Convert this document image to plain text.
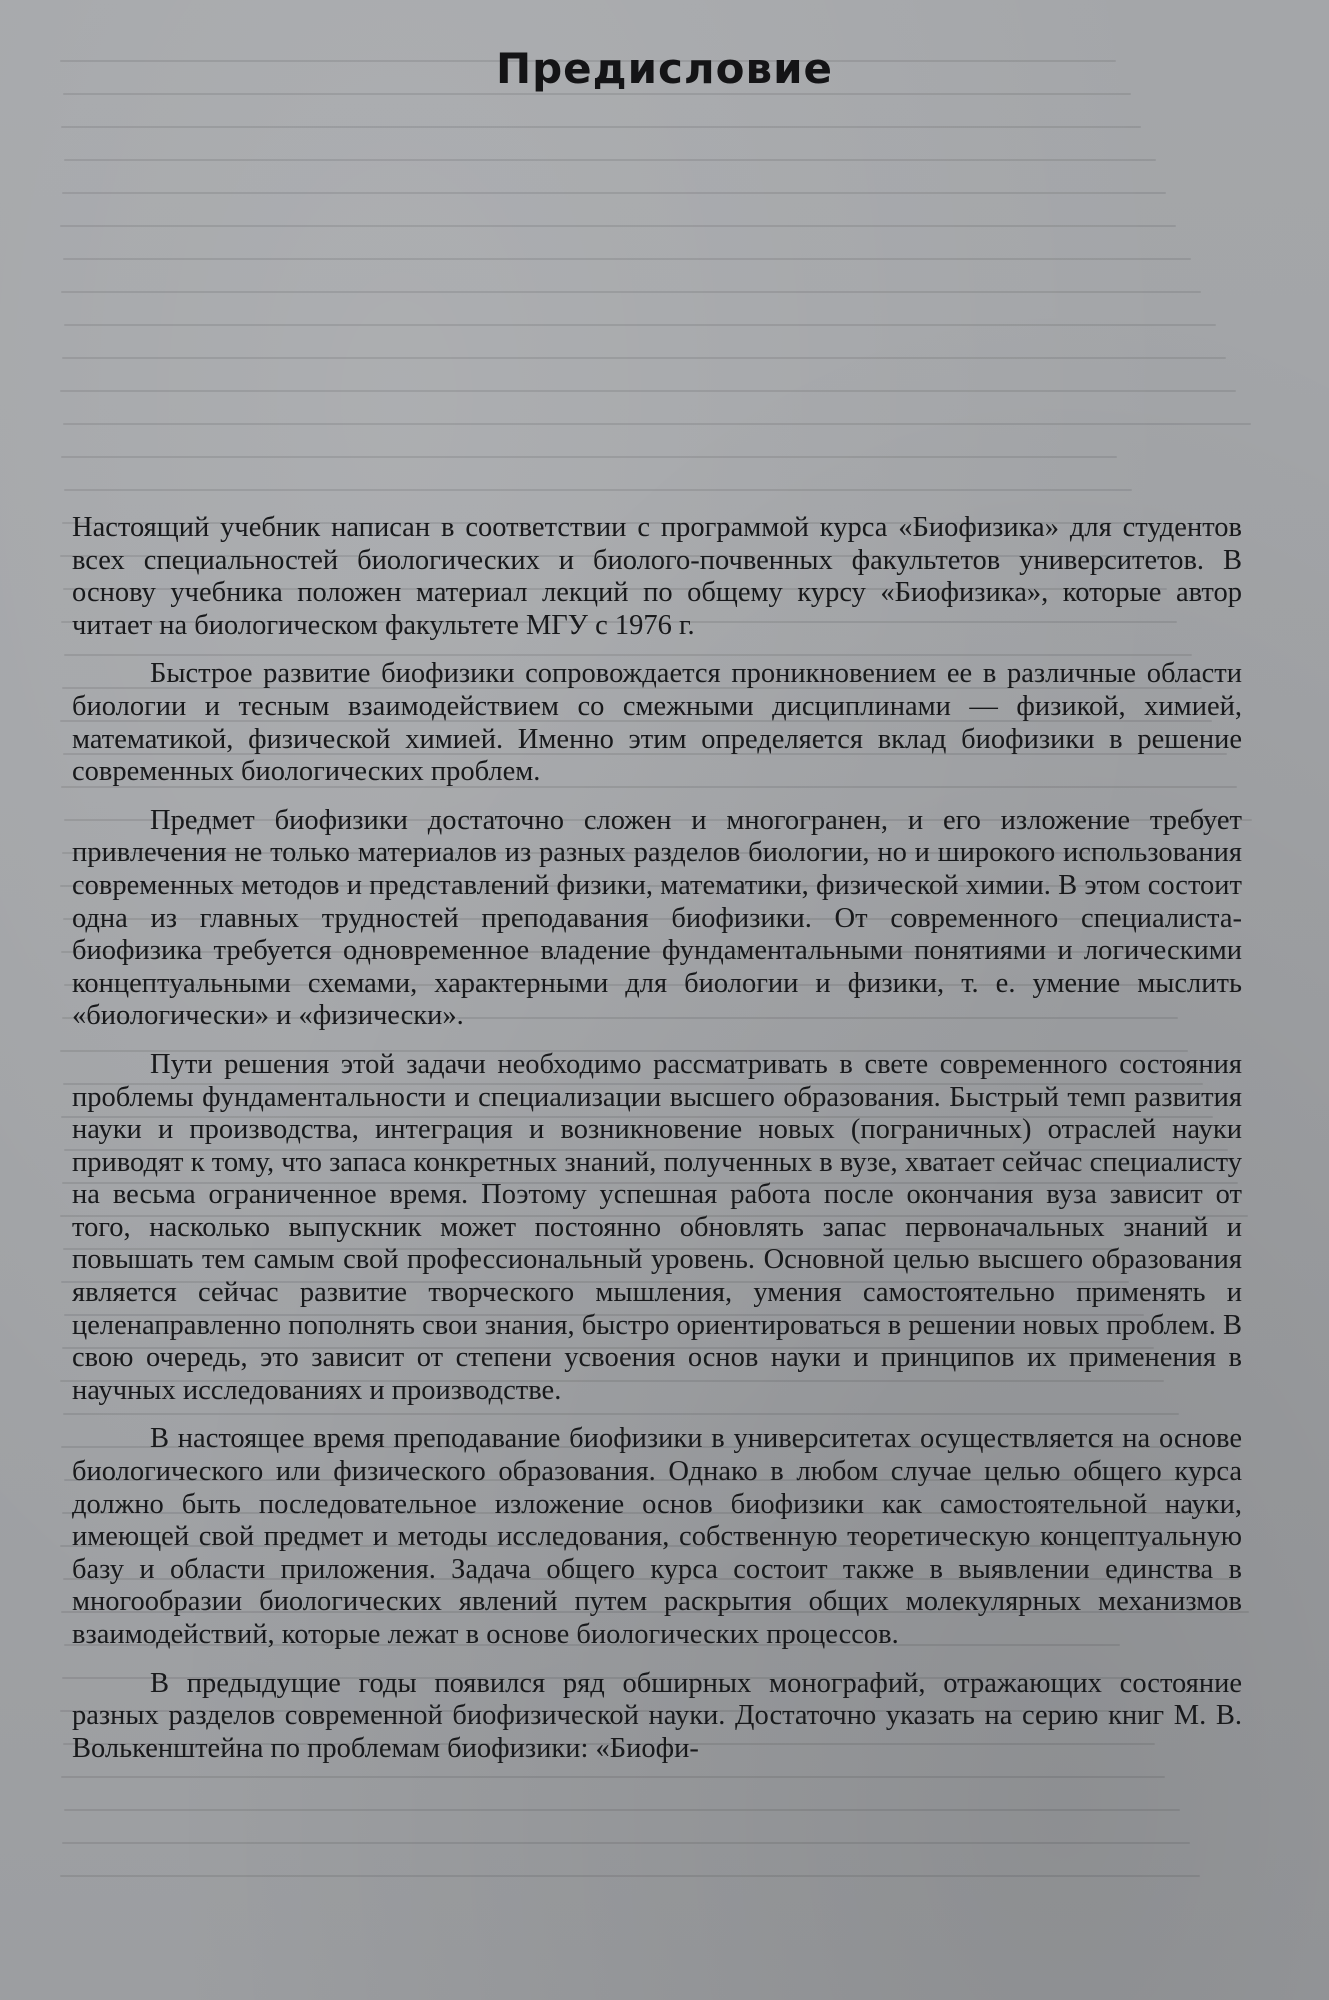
Предисловие

Настоящий учебник написан в соответствии с программой курса «Биофизика» для студентов всех специальностей биологических и биолого-почвенных факультетов университетов. В основу учебника положен материал лекций по общему курсу «Биофизика», которые автор читает на биологическом факультете МГУ с 1976 г.

Быстрое развитие биофизики сопровождается проникновением ее в различные области биологии и тесным взаимодействием со смежными дисциплинами — физикой, химией, математикой, физической химией. Именно этим определяется вклад биофизики в решение современных биологических проблем.

Предмет биофизики достаточно сложен и многогранен, и его изложение требует привлечения не только материалов из разных разделов биологии, но и широкого использования современных методов и представлений физики, математики, физической химии. В этом состоит одна из главных трудностей преподавания биофизики. От современного специалиста-биофизика требуется одновременное владение фундаментальными понятиями и логическими концептуальными схемами, характерными для биологии и физики, т. е. умение мыслить «биологически» и «физически».

Пути решения этой задачи необходимо рассматривать в свете современного состояния проблемы фундаментальности и специализации высшего образования. Быстрый темп развития науки и производства, интеграция и возникновение новых (пограничных) отраслей науки приводят к тому, что запаса конкретных знаний, полученных в вузе, хватает сейчас специалисту на весьма ограниченное время. Поэтому успешная работа после окончания вуза зависит от того, насколько выпускник может постоянно обновлять запас первоначальных знаний и повышать тем самым свой профессиональный уровень. Основной целью высшего образования является сейчас развитие творческого мышления, умения самостоятельно применять и целенаправленно пополнять свои знания, быстро ориентироваться в решении новых проблем. В свою очередь, это зависит от степени усвоения основ науки и принципов их применения в научных исследованиях и производстве.

В настоящее время преподавание биофизики в университетах осуществляется на основе биологического или физического образования. Однако в любом случае целью общего курса должно быть последовательное изложение основ биофизики как самостоятельной науки, имеющей свой предмет и методы исследования, собственную теоретическую концептуальную базу и области приложения. Задача общего курса состоит также в выявлении единства в многообразии биологических явлений путем раскрытия общих молекулярных механизмов взаимодействий, которые лежат в основе биологических процессов.

В предыдущие годы появился ряд обширных монографий, отражающих состояние разных разделов современной биофизической науки. Достаточно указать на серию книг М. В. Волькенштейна по проблемам биофизики: «Биофи-
